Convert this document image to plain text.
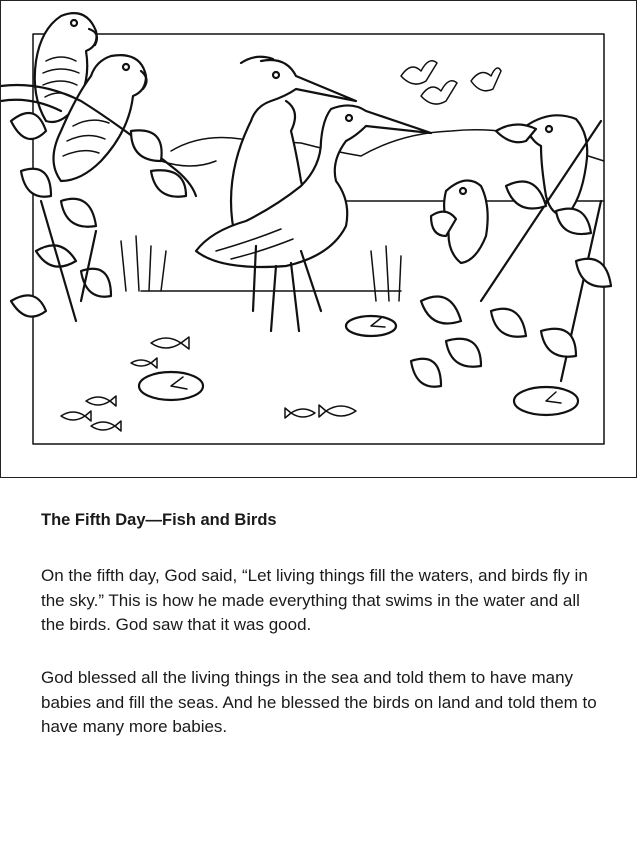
The Fifth Day—Fish and Birds

On the fifth day, God said, “Let living things fill the waters, and birds fly in the sky.” This is how he made everything that swims in the water and all the birds. God saw that it was good.

God blessed all the living things in the sea and told them to have many babies and fill the seas. And he blessed the birds on land and told them to have many more babies.
